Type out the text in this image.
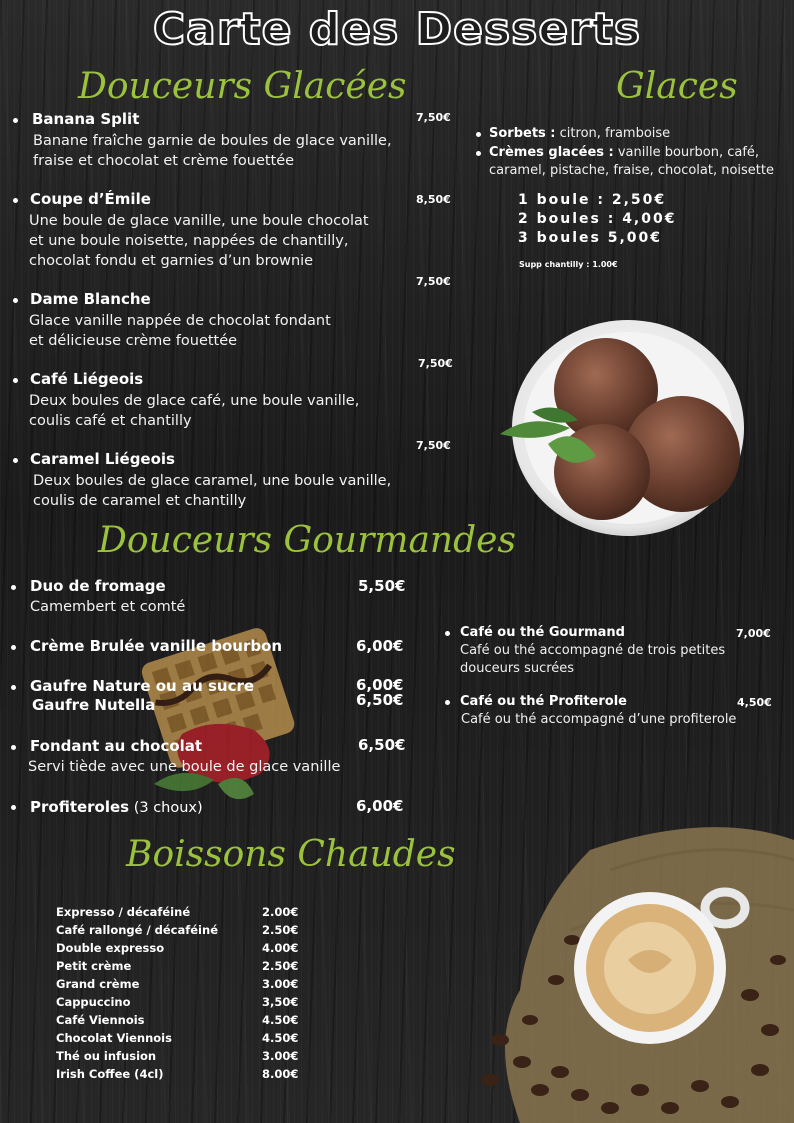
Carte des Desserts
Douceurs Glacées
Banana Split	7,50€
Banane fraîche garnie de boules de glace vanille,
fraise et chocolat et crème fouettée
Coupe d’Émile	8,50€
Une boule de glace vanille, une boule chocolat
et une boule noisette, nappées de chantilly,
chocolat fondu et garnies d’un brownie
Dame Blanche
7,50€
Glace vanille nappée de chocolat fondant
et délicieuse crème fouettée
Café Liégeois
7,50€
Deux boules de glace café, une boule vanille,
coulis café et chantilly
Caramel Liégeois
7,50€
Deux boules de glace caramel, une boule vanille,
coulis de caramel et chantilly
Glaces
Sorbets : citron, framboise
Crèmes glacées : vanille bourbon, café,
caramel, pistache, fraise, chocolat, noisette
1 boule : 2,50€
2 boules : 4,00€
3 boules 5,00€
Supp chantilly : 1.00€
Douceurs Gourmandes
Duo de fromage	5,50€
Camembert et comté
Crème Brulée vanille bourbon	6,00€
Gaufre Nature ou au sucre	6,00€
Gaufre Nutella	6,50€
Fondant au chocolat	6,50€
Servi tiède avec une boule de glace vanille
Profiteroles (3 choux)	6,00€
Café ou thé Gourmand	7,00€
Café ou thé accompagné de trois petites
douceurs sucrées
Café ou thé Profiterole	4,50€
Café ou thé accompagné d’une profiterole
Boissons Chaudes
Expresso / décaféiné	2.00€
Café rallongé / décaféiné	2.50€
Double expresso	4.00€
Petit crème	2.50€
Grand crème	3.00€
Cappuccino	3,50€
Café Viennois	4.50€
Chocolat Viennois	4.50€
Thé ou infusion	3.00€
Irish Coffee (4cl)	8.00€
